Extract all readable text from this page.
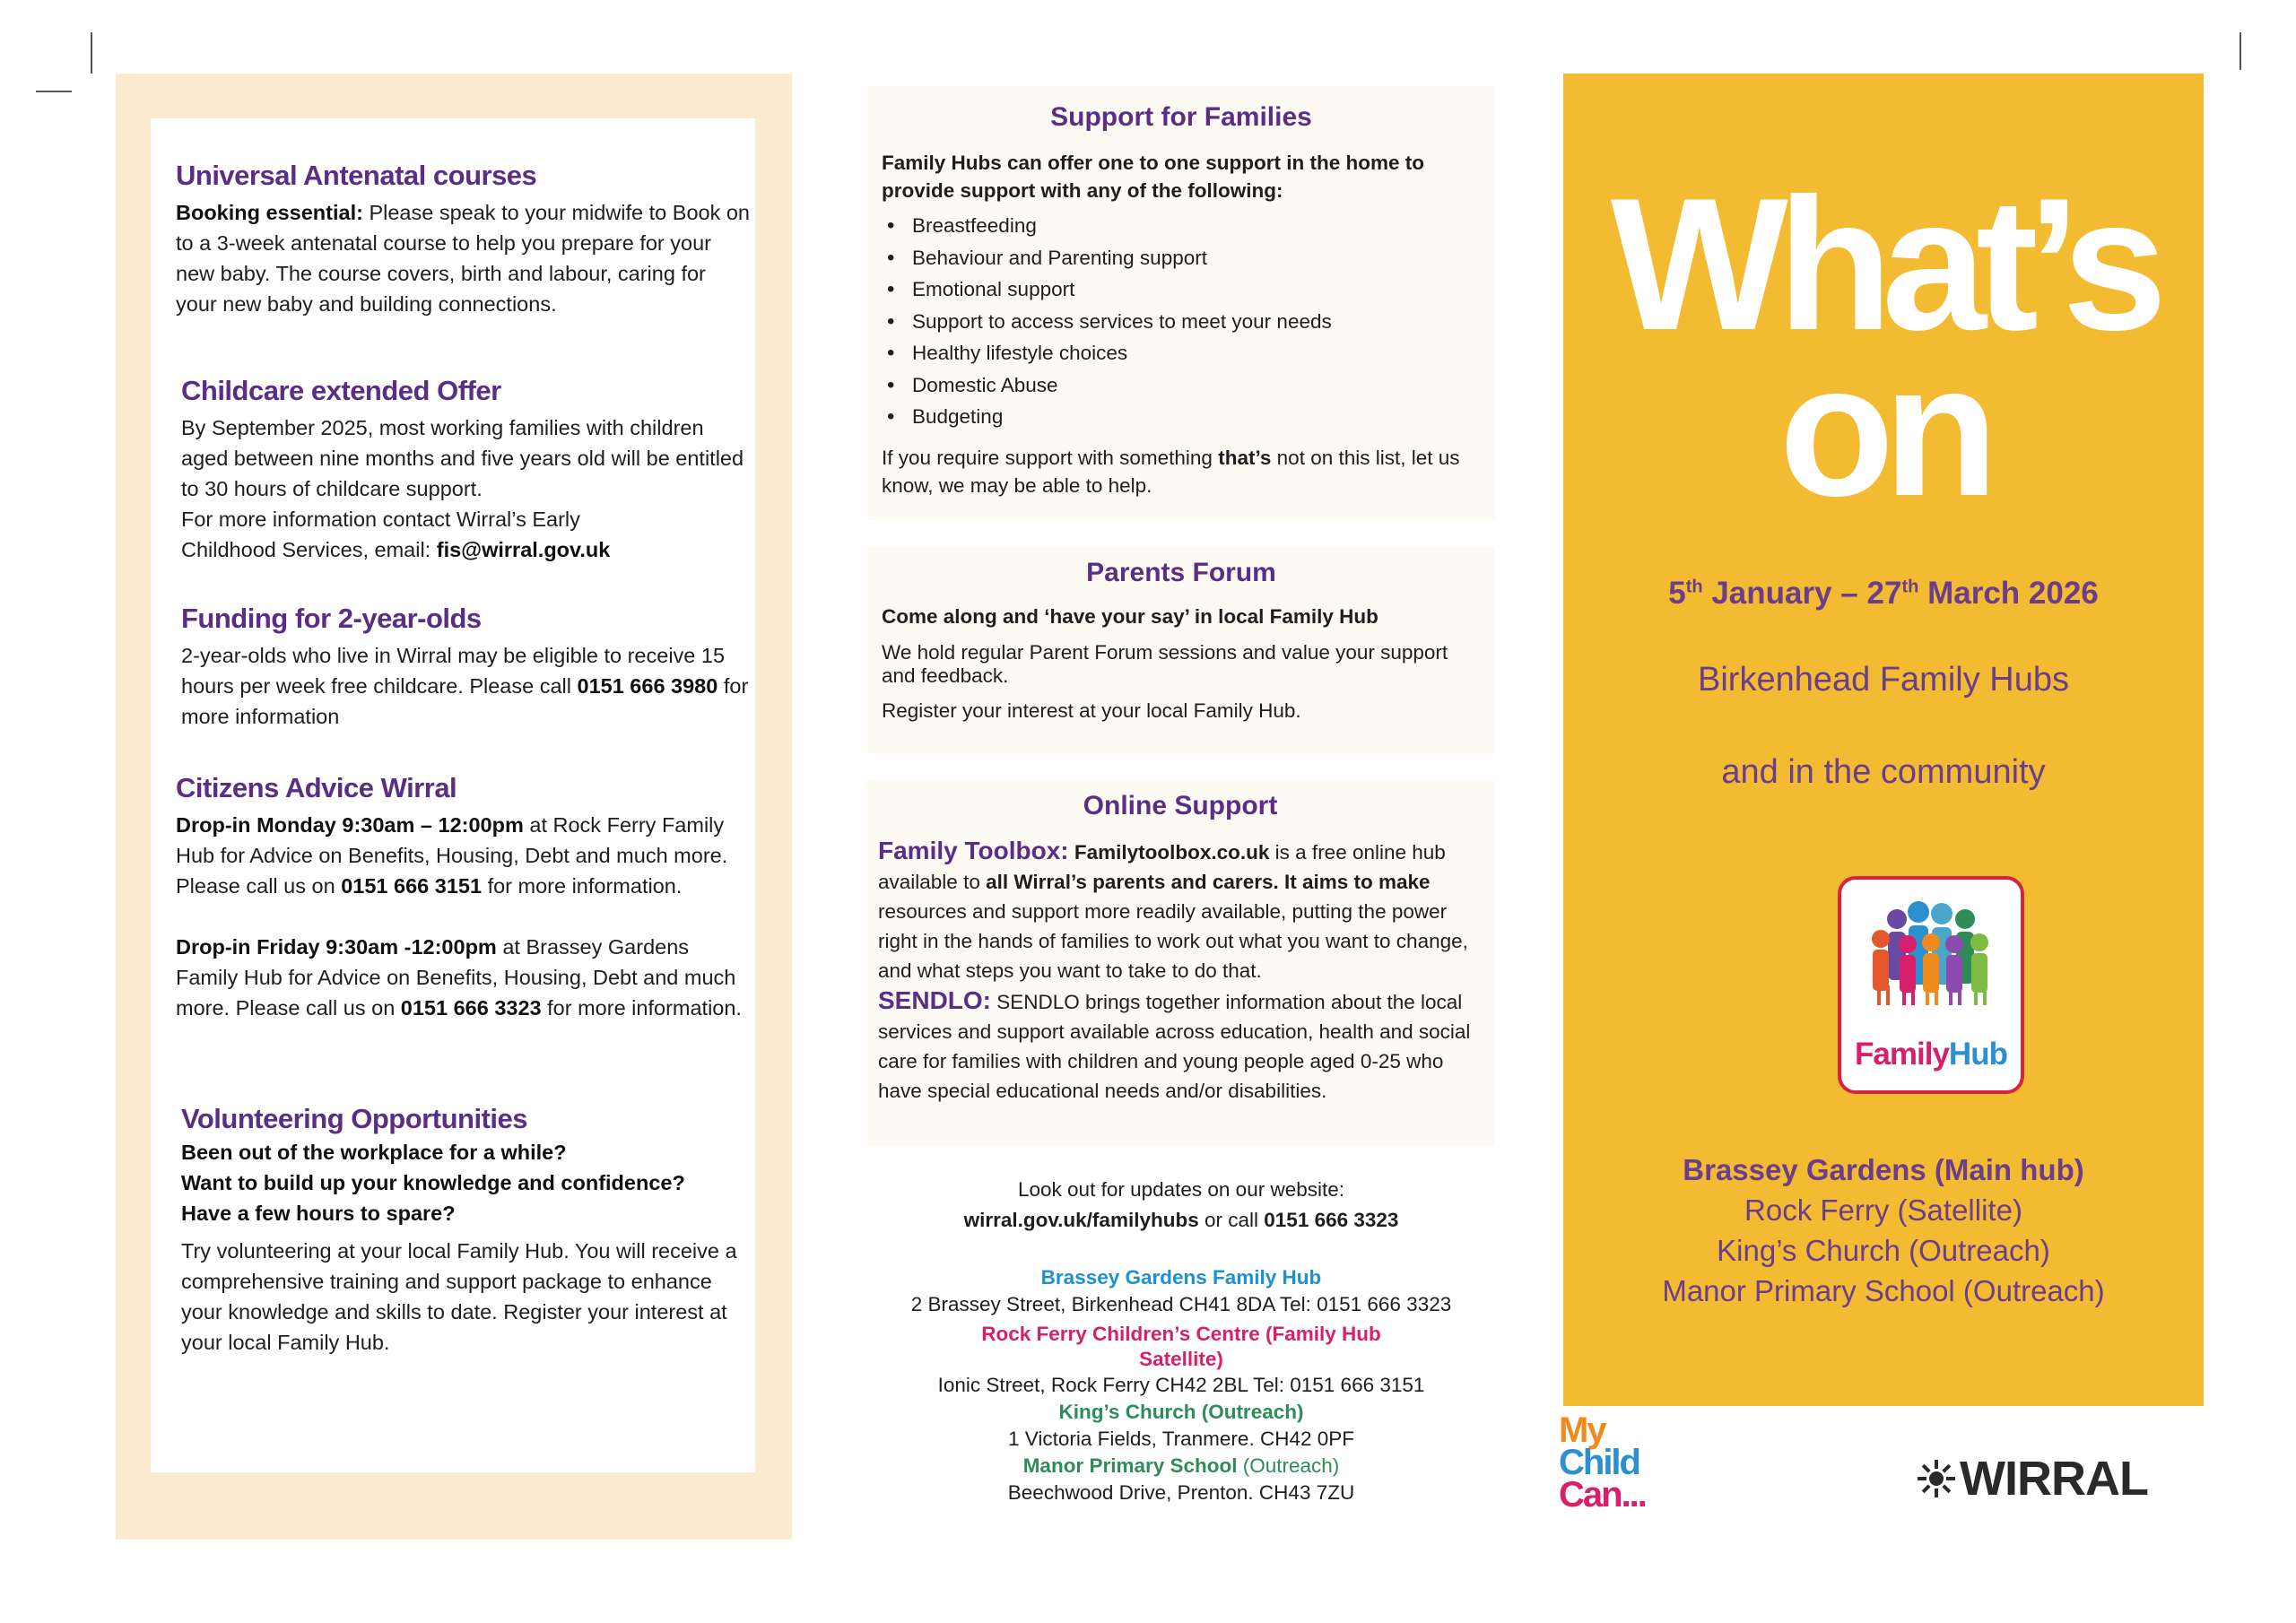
Universal Antenatal courses
Booking essential: Please speak to your midwife to Book on to a 3-week antenatal course to help you prepare for your new baby. The course covers, birth and labour, caring for your new baby and building connections.
Childcare extended Offer
By September 2025, most working families with children aged between nine months and five years old will be entitled to 30 hours of childcare support.
For more information contact Wirral’s Early
Childhood Services, email: fis@wirral.gov.uk
Funding for 2-year-olds
2-year-olds who live in Wirral may be eligible to receive 15 hours per week free childcare. Please call 0151 666 3980 for more information
Citizens Advice Wirral
Drop-in Monday 9:30am – 12:00pm at Rock Ferry Family Hub for Advice on Benefits, Housing, Debt and much more. Please call us on 0151 666 3151 for more information.
Drop-in Friday 9:30am -12:00pm at Brassey Gardens Family Hub for Advice on Benefits, Housing, Debt and much more. Please call us on 0151 666 3323 for more information.
Volunteering Opportunities
Been out of the workplace for a while?
Want to build up your knowledge and confidence?
Have a few hours to spare?
Try volunteering at your local Family Hub. You will receive a comprehensive training and support package to enhance your knowledge and skills to date. Register your interest at your local Family Hub.
Support for Families
Family Hubs can offer one to one support in the home to provide support with any of the following:
• Breastfeeding
• Behaviour and Parenting support
• Emotional support
• Support to access services to meet your needs
• Healthy lifestyle choices
• Domestic Abuse
• Budgeting
If you require support with something that’s not on this list, let us know, we may be able to help.
Parents Forum
Come along and ‘have your say’ in local Family Hub
We hold regular Parent Forum sessions and value your support and feedback.
Register your interest at your local Family Hub.
Online Support
Family Toolbox: Familytoolbox.co.uk is a free online hub available to all Wirral’s parents and carers. It aims to make resources and support more readily available, putting the power right in the hands of families to work out what you want to change, and what steps you want to take to do that.
SENDLO: SENDLO brings together information about the local services and support available across education, health and social care for families with children and young people aged 0-25 who have special educational needs and/or disabilities.
Look out for updates on our website:
wirral.gov.uk/familyhubs or call 0151 666 3323
Brassey Gardens Family Hub
2 Brassey Street, Birkenhead CH41 8DA Tel: 0151 666 3323
Rock Ferry Children’s Centre (Family Hub Satellite)
Ionic Street, Rock Ferry CH42 2BL Tel: 0151 666 3151
King’s Church (Outreach)
1 Victoria Fields, Tranmere. CH42 0PF
Manor Primary School (Outreach)
Beechwood Drive, Prenton. CH43 7ZU
What’s
on
5th January – 27th March 2026
Birkenhead Family Hubs
and in the community
FamilyHub
Brassey Gardens (Main hub)
Rock Ferry (Satellite)
King’s Church (Outreach)
Manor Primary School (Outreach)
My
Child
Can...	WIRRAL
